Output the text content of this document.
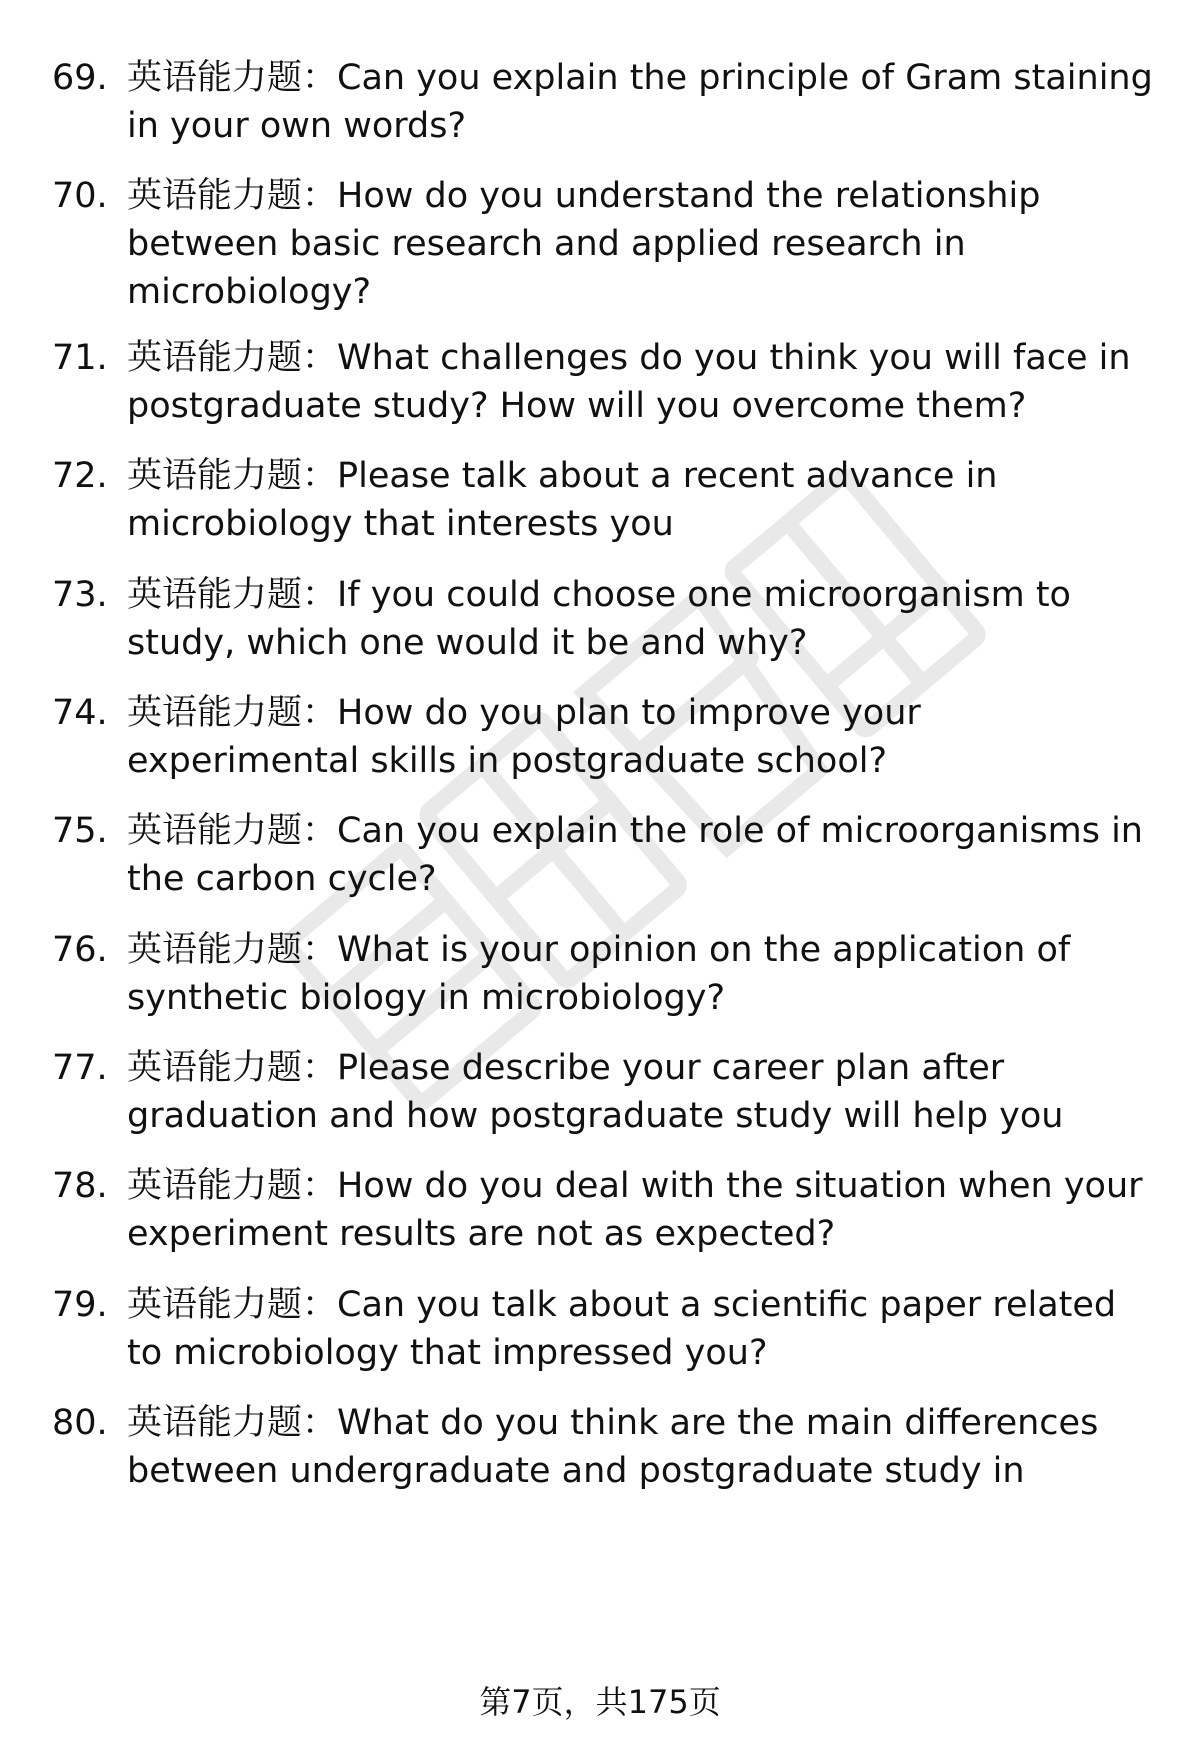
69. 英语能力题：Can you explain the principle of Gram staining in your own words?
70. 英语能力题：How do you understand the relationship between basic research and applied research in microbiology?
71. 英语能力题：What challenges do you think you will face in postgraduate study? How will you overcome them?
72. 英语能力题：Please talk about a recent advance in microbiology that interests you
73. 英语能力题：If you could choose one microorganism to study, which one would it be and why?
74. 英语能力题：How do you plan to improve your experimental skills in postgraduate school?
75. 英语能力题：Can you explain the role of microorganisms in the carbon cycle?
76. 英语能力题：What is your opinion on the application of synthetic biology in microbiology?
77. 英语能力题：Please describe your career plan after graduation and how postgraduate study will help you
78. 英语能力题：How do you deal with the situation when your experiment results are not as expected?
79. 英语能力题：Can you talk about a scientific paper related to microbiology that impressed you?
80. 英语能力题：What do you think are the main differences between undergraduate and postgraduate study in
第7页，共175页
